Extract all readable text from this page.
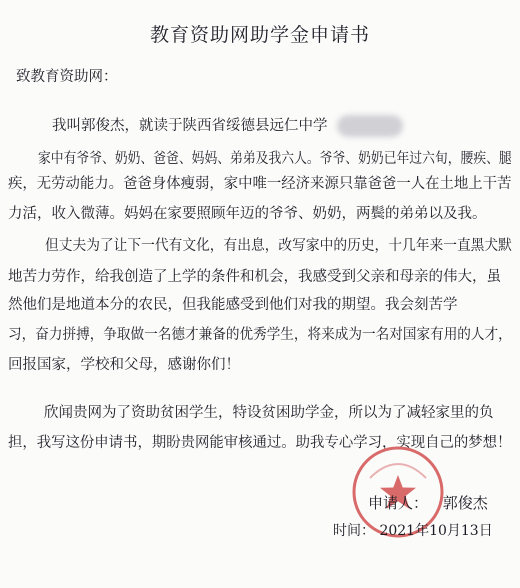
教育资助网助学金申请书
致教育资助网：
我叫郭俊杰，就读于陕西省绥德县远仁中学
家中有爷爷、奶奶、爸爸、妈妈、弟弟及我六人。爷爷、奶奶已年过六旬，腰疾、腿
疾，无劳动能力。爸爸身体瘦弱，家中唯一经济来源只靠爸爸一人在土地上干苦
力活，收入微薄。妈妈在家要照顾年迈的爷爷、奶奶，两鬓的弟弟以及我。
但丈夫为了让下一代有文化，有出息，改写家中的历史，十几年来一直黑犬默
地苦力劳作，给我创造了上学的条件和机会，我感受到父亲和母亲的伟大，虽
然他们是地道本分的农民，但我能感受到他们对我的期望。我会刻苦学
习，奋力拼搏，争取做一名德才兼备的优秀学生，将来成为一名对国家有用的人才，
回报国家，学校和父母，感谢你们！
欣闻贵网为了资助贫困学生，特设贫困助学金，所以为了减轻家里的负
担，我写这份申请书，期盼贵网能审核通过。助我专心学习，实现自己的梦想！
申请人： 郭俊杰
时间： 2021年10月13日
